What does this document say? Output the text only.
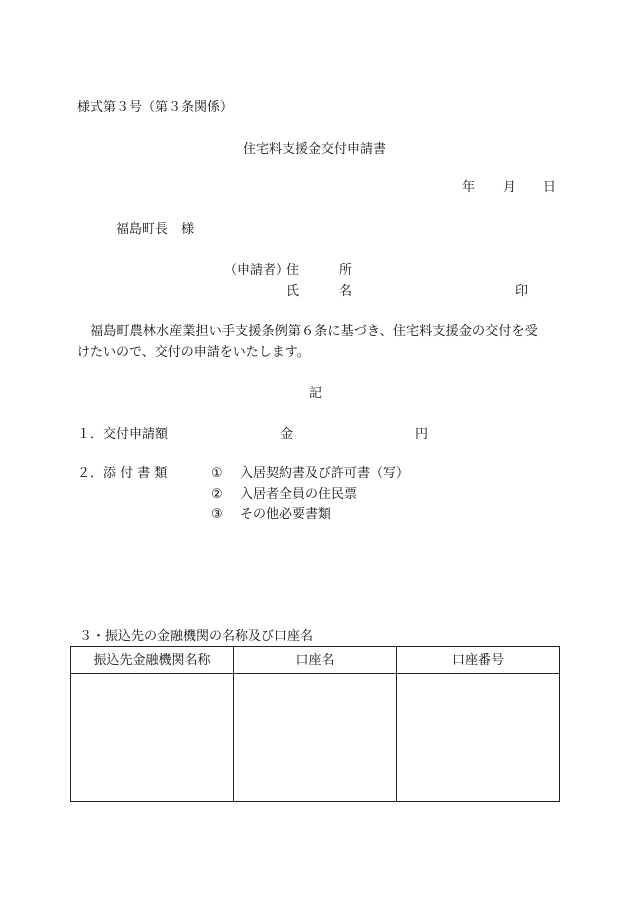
様式第３号（第３条関係）
住宅料支援金交付申請書
年 月 日
福島町長　様
（申請者）
住	所
氏	名	印
福島町農林水産業担い手支援条例第６条に基づき、住宅料支援金の交付を受
けたいので、交付の申請をいたします。
記
１．交付申請額	金	円
２．添 付 書 類	① 入居契約書及び許可書（写）
② 入居者全員の住民票
③ その他必要書類
３・振込先の金融機関の名称及び口座名
振込先金融機関名称	口座名	口座番号
